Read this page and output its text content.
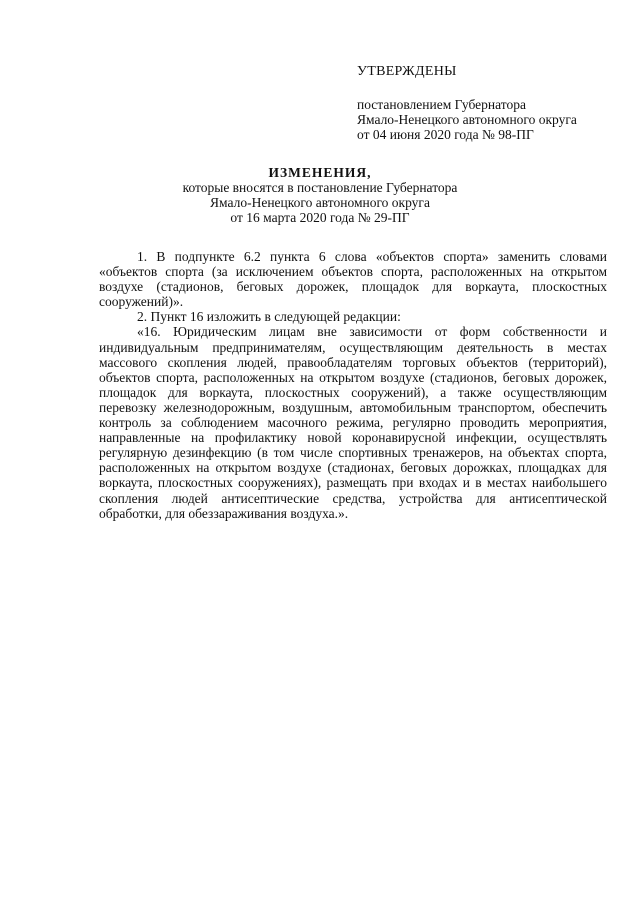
УТВЕРЖДЕНЫ
постановлением Губернатора
Ямало-Ненецкого автономного округа
от 04 июня 2020 года № 98-ПГ
ИЗМЕНЕНИЯ,
которые вносятся в постановление Губернатора
Ямало-Ненецкого автономного округа
от 16 марта 2020 года № 29-ПГ

1. В подпункте 6.2 пункта 6 слова «объектов спорта» заменить словами «объектов спорта (за исключением объектов спорта, расположенных на открытом воздухе (стадионов, беговых дорожек, площадок для воркаута, плоскостных сооружений)».

2. Пункт 16 изложить в следующей редакции:

«16. Юридическим лицам вне зависимости от форм собственности и индивидуальным предпринимателям, осуществляющим деятельность в местах массового скопления людей, правообладателям торговых объектов (территорий), объектов спорта, расположенных на открытом воздухе (стадионов, беговых дорожек, площадок для воркаута, плоскостных сооружений), а также осуществляющим перевозку железнодорожным, воздушным, автомобильным транспортом, обеспечить контроль за соблюдением масочного режима, регулярно проводить мероприятия, направленные на профилактику новой коронавирусной инфекции, осуществлять регулярную дезинфекцию (в том числе спортивных тренажеров, на объектах спорта, расположенных на открытом воздухе (стадионах, беговых дорожках, площадках для воркаута, плоскостных сооружениях), размещать при входах и в местах наибольшего скопления людей антисептические средства, устройства для антисептической обработки, для обеззараживания воздуха.».
